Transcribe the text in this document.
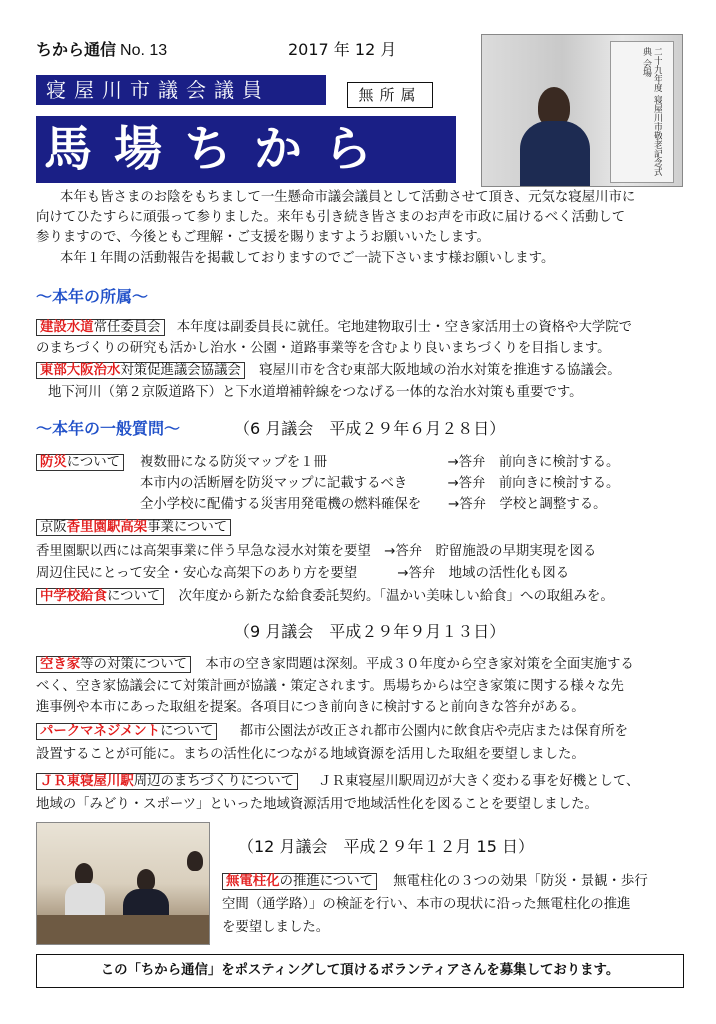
ちから通信 No. 13	2017 年 12 月
寝屋川市議会議員	無所属
馬場ちから	二十九年度 寝屋川市敬老記念式典 会場
本年も皆さまのお陰をもちまして一生懸命市議会議員として活動させて頂き、元気な寝屋川市に
向けてひたすらに頑張って参りました。来年も引き続き皆さまのお声を市政に届けるべく活動して
参りますので、今後ともご理解・ご支援を賜りますようお願いいたします。
本年１年間の活動報告を掲載しておりますのでご一読下さいます様お願いします。
～本年の所属～
建設水道常任委員会 本年度は副委員長に就任。宅地建物取引士・空き家活用士の資格や大学院で
のまちづくりの研究も活かし治水・公園・道路事業等を含むより良いまちづくりを目指します。
東部大阪治水対策促進議会協議会 寝屋川市を含む東部大阪地域の治水対策を推進する協議会。
地下河川（第２京阪道路下）と下水道増補幹線をつなげる一体的な治水対策も重要です。
～本年の一般質問～	（6 月議会　平成２９年６月２８日）
防災について 複数冊になる防災マップを１冊　　　　　　　　　→答弁　前向きに検討する。
本市内の活断層を防災マップに記載するべき　　　→答弁　前向きに検討する。
全小学校に配備する災害用発電機の燃料確保を　　→答弁　学校と調整する。
京阪香里園駅高架事業について
香里園駅以西には高架事業に伴う早急な浸水対策を要望　→答弁　貯留施設の早期実現を図る
周辺住民にとって安全・安心な高架下のあり方を要望　　　→答弁　地域の活性化も図る
中学校給食について 次年度から新たな給食委託契約。「温かい美味しい給食」への取組みを。
（9 月議会　平成２９年９月１３日）
空き家等の対策について 本市の空き家問題は深刻。平成３０年度から空き家対策を全面実施する
べく、空き家協議会にて対策計画が協議・策定されます。馬場ちからは空き家策に関する様々な先
進事例や本市にあった取組を提案。各項目につき前向きに検討すると前向きな答弁がある。
パークマネジメントについて 都市公園法が改正され都市公園内に飲食店や売店または保育所を
設置することが可能に。まちの活性化につながる地域資源を活用した取組を要望しました。
ＪＲ東寝屋川駅周辺のまちづくりについて ＪＲ東寝屋川駅周辺が大きく変わる事を好機として、
地域の「みどり・スポーツ」といった地域資源活用で地域活性化を図ることを要望しました。
（12 月議会　平成２９年１２月 15 日）
無電柱化の推進について 無電柱化の３つの効果「防災・景観・歩行
空間（通学路）」の検証を行い、本市の現状に沿った無電柱化の推進
を要望しました。
この「ちから通信」をポスティングして頂けるボランティアさんを募集しております。
